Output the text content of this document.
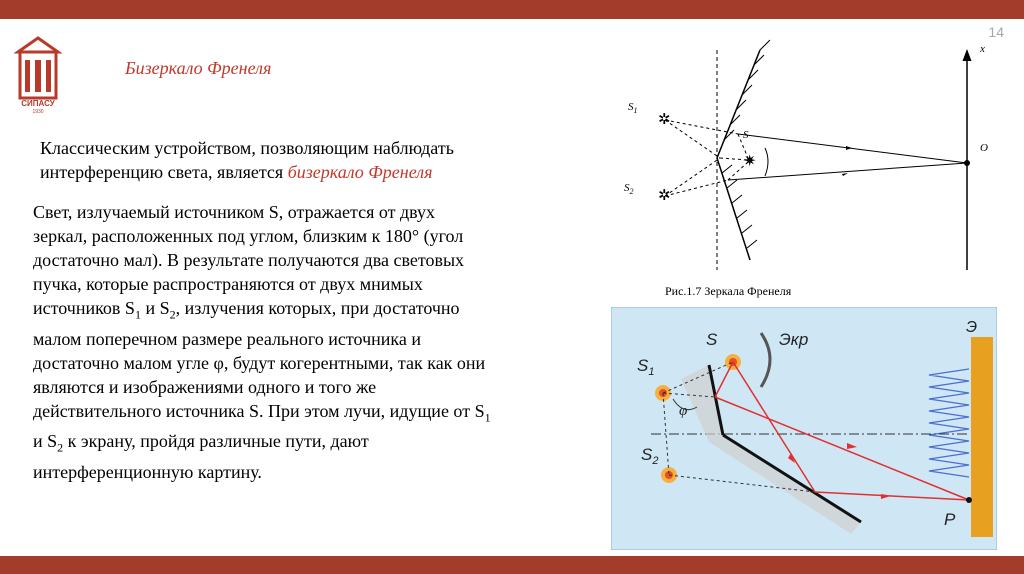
14
СИПАСУ
1930
Бизеркало Френеля
Классическим устройством, позволяющим наблюдать
интерференцию света, является бизеркало Френеля
Свет, излучаемый источником S, отражается от двух
зеркал, расположенных под углом, близким к 180° (угол
достаточно мал). В результате получаются два световых
пучка, которые распространяются от двух мнимых
источников $S_1$ и $S_2$, излучения которых, при достаточно
малом поперечном размере реального источника и
достаточно малом угле φ, будут когерентными, так как они
являются и изображениями одного и того же
действительного источника S. При этом лучи, идущие от $S_1$
и $S_2$ к экрану, пройдя различные пути, дают
интерференционную картину.
x
O
✲
$S_1$
✲
$S_2$
✷
S
Рис.1.7 Зеркала Френеля
Э
Экр
S
$S_1$
$S_2$
φ
P
